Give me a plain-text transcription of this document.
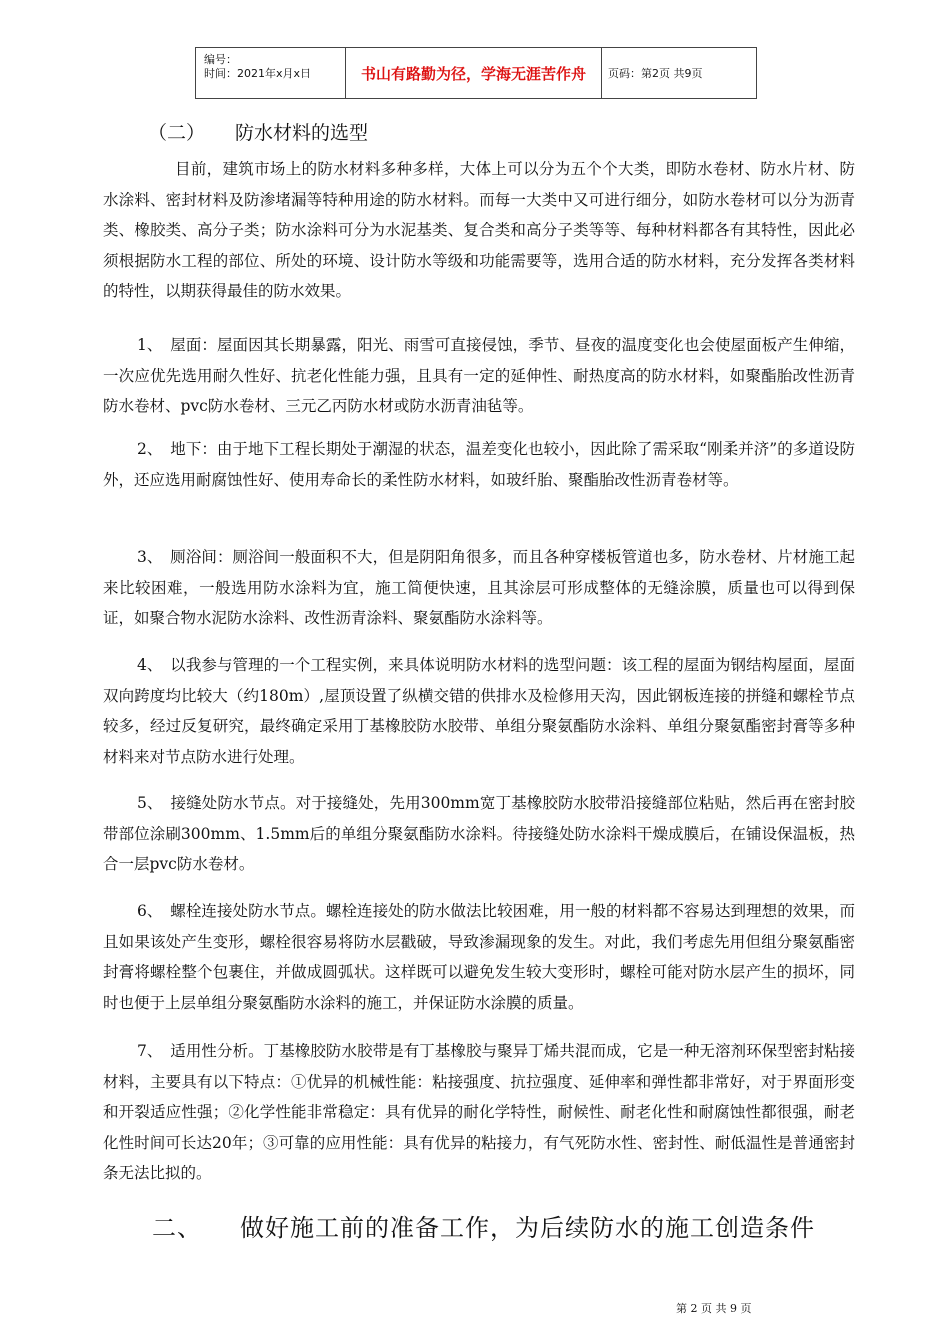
编号：
时间：2021年x月x日	书山有路勤为径，学海无涯苦作舟	页码：第2页 共9页
（二） 防水材料的选型

目前，建筑市场上的防水材料多种多样，大体上可以分为五个个大类，即防水卷材、防水片材、防水涂料、密封材料及防渗堵漏等特种用途的防水材料。而每一大类中又可进行细分，如防水卷材可以分为沥青类、橡胶类、高分子类；防水涂料可分为水泥基类、复合类和高分子类等等、每种材料都各有其特性，因此必须根据防水工程的部位、所处的环境、设计防水等级和功能需要等，选用合适的防水材料，充分发挥各类材料的特性，以期获得最佳的防水效果。

1、　屋面：屋面因其长期暴露，阳光、雨雪可直接侵蚀，季节、昼夜的温度变化也会使屋面板产生伸缩，一次应优先选用耐久性好、抗老化性能力强，且具有一定的延伸性、耐热度高的防水材料，如聚酯胎改性沥青防水卷材、pvc防水卷材、三元乙丙防水材或防水沥青油毡等。

2、　地下：由于地下工程长期处于潮湿的状态，温差变化也较小，因此除了需采取“刚柔并济”的多道设防外，还应选用耐腐蚀性好、使用寿命长的柔性防水材料，如玻纤胎、聚酯胎改性沥青卷材等。

3、　厕浴间：厕浴间一般面积不大，但是阴阳角很多，而且各种穿楼板管道也多，防水卷材、片材施工起来比较困难，一般选用防水涂料为宜，施工简便快速，且其涂层可形成整体的无缝涂膜，质量也可以得到保证，如聚合物水泥防水涂料、改性沥青涂料、聚氨酯防水涂料等。

4、　以我参与管理的一个工程实例，来具体说明防水材料的选型问题：该工程的屋面为钢结构屋面，屋面双向跨度均比较大（约180m）,屋顶设置了纵横交错的供排水及检修用天沟，因此钢板连接的拼缝和螺栓节点较多，经过反复研究，最终确定采用丁基橡胶防水胶带、单组分聚氨酯防水涂料、单组分聚氨酯密封膏等多种材料来对节点防水进行处理。

5、　接缝处防水节点。对于接缝处，先用300mm宽丁基橡胶防水胶带沿接缝部位粘贴，然后再在密封胶带部位涂刷300mm、1.5mm后的单组分聚氨酯防水涂料。待接缝处防水涂料干燥成膜后，在铺设保温板，热合一层pvc防水卷材。

6、　螺栓连接处防水节点。螺栓连接处的防水做法比较困难，用一般的材料都不容易达到理想的效果，而且如果该处产生变形，螺栓很容易将防水层戳破，导致渗漏现象的发生。对此，我们考虑先用但组分聚氨酯密封膏将螺栓整个包裹住，并做成圆弧状。这样既可以避免发生较大变形时，螺栓可能对防水层产生的损坏，同时也便于上层单组分聚氨酯防水涂料的施工，并保证防水涂膜的质量。

7、　适用性分析。丁基橡胶防水胶带是有丁基橡胶与聚异丁烯共混而成，它是一种无溶剂环保型密封粘接材料，主要具有以下特点：①优异的机械性能：粘接强度、抗拉强度、延伸率和弹性都非常好，对于界面形变和开裂适应性强；②化学性能非常稳定：具有优异的耐化学特性，耐候性、耐老化性和耐腐蚀性都很强，耐老化性时间可长达20年；③可靠的应用性能：具有优异的粘接力，有气死防水性、密封性、耐低温性是普通密封条无法比拟的。

二、 做好施工前的准备工作，为后续防水的施工创造条件
第 2 页 共 9 页
